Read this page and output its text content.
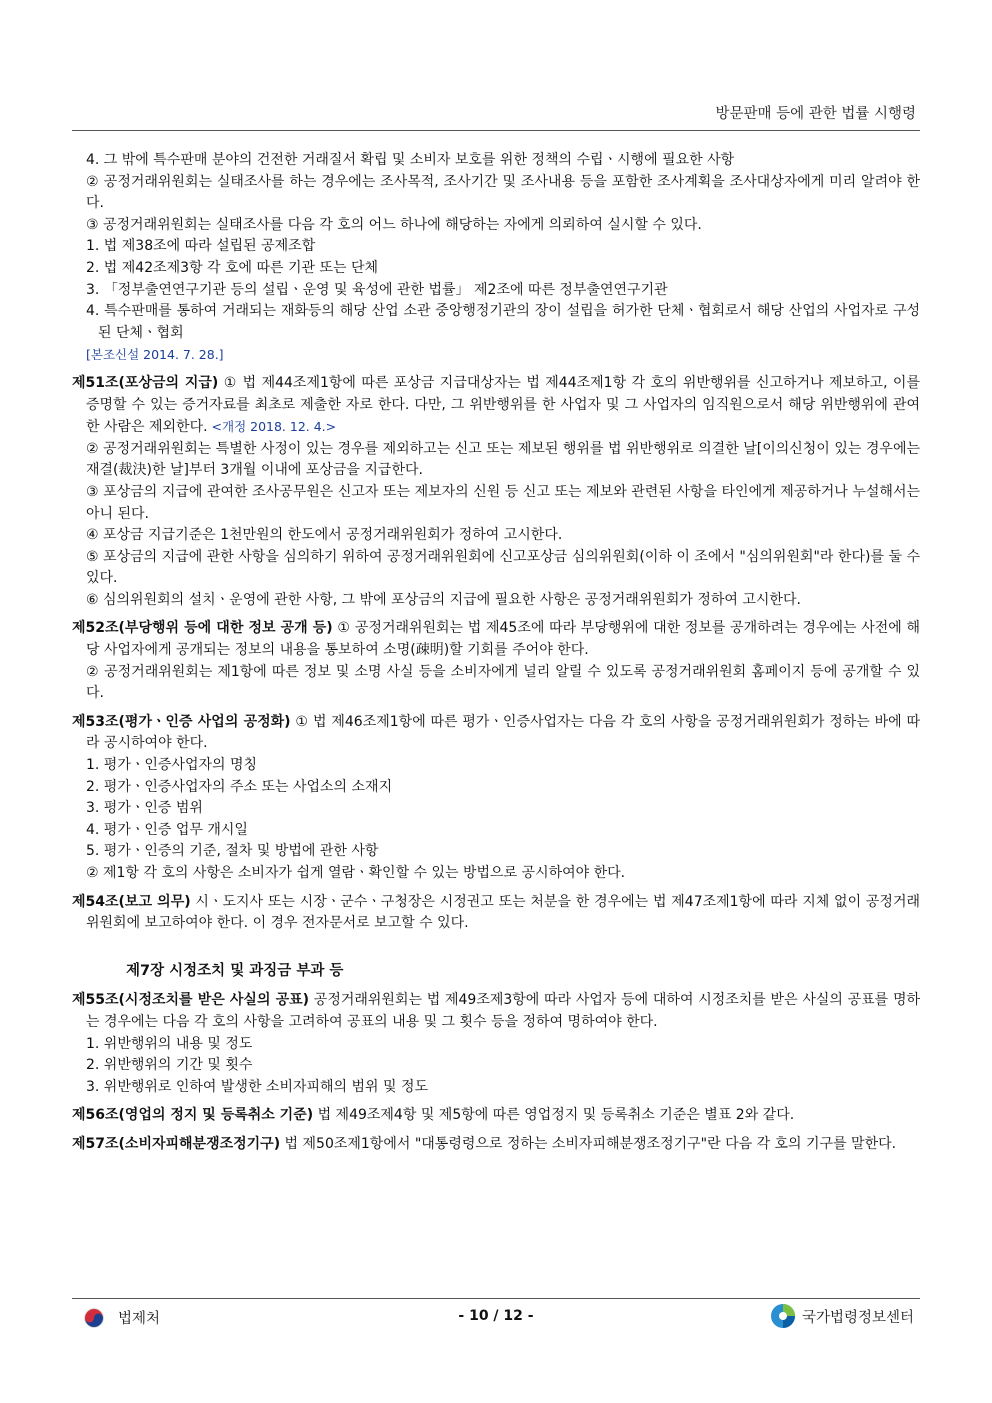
방문판매 등에 관한 법률 시행령

4. 그 밖에 특수판매 분야의 건전한 거래질서 확립 및 소비자 보호를 위한 정책의 수립ㆍ시행에 필요한 사항

② 공정거래위원회는 실태조사를 하는 경우에는 조사목적, 조사기간 및 조사내용 등을 포함한 조사계획을 조사대상자에게 미리 알려야 한다.

③ 공정거래위원회는 실태조사를 다음 각 호의 어느 하나에 해당하는 자에게 의뢰하여 실시할 수 있다.

1. 법 제38조에 따라 설립된 공제조합

2. 법 제42조제3항 각 호에 따른 기관 또는 단체

3. 「정부출연연구기관 등의 설립ㆍ운영 및 육성에 관한 법률」 제2조에 따른 정부출연연구기관

4. 특수판매를 통하여 거래되는 재화등의 해당 산업 소관 중앙행정기관의 장이 설립을 허가한 단체ㆍ협회로서 해당 산업의 사업자로 구성된 단체ㆍ협회

[본조신설 2014. 7. 28.]

제51조(포상금의 지급) ① 법 제44조제1항에 따른 포상금 지급대상자는 법 제44조제1항 각 호의 위반행위를 신고하거나 제보하고, 이를 증명할 수 있는 증거자료를 최초로 제출한 자로 한다. 다만, 그 위반행위를 한 사업자 및 그 사업자의 임직원으로서 해당 위반행위에 관여한 사람은 제외한다. <개정 2018. 12. 4.>

② 공정거래위원회는 특별한 사정이 있는 경우를 제외하고는 신고 또는 제보된 행위를 법 위반행위로 의결한 날[이의신청이 있는 경우에는 재결(裁決)한 날]부터 3개월 이내에 포상금을 지급한다.

③ 포상금의 지급에 관여한 조사공무원은 신고자 또는 제보자의 신원 등 신고 또는 제보와 관련된 사항을 타인에게 제공하거나 누설해서는 아니 된다.

④ 포상금 지급기준은 1천만원의 한도에서 공정거래위원회가 정하여 고시한다.

⑤ 포상금의 지급에 관한 사항을 심의하기 위하여 공정거래위원회에 신고포상금 심의위원회(이하 이 조에서 "심의위원회"라 한다)를 둘 수 있다.

⑥ 심의위원회의 설치ㆍ운영에 관한 사항, 그 밖에 포상금의 지급에 필요한 사항은 공정거래위원회가 정하여 고시한다.

제52조(부당행위 등에 대한 정보 공개 등) ① 공정거래위원회는 법 제45조에 따라 부당행위에 대한 정보를 공개하려는 경우에는 사전에 해당 사업자에게 공개되는 정보의 내용을 통보하여 소명(疎明)할 기회를 주어야 한다.

② 공정거래위원회는 제1항에 따른 정보 및 소명 사실 등을 소비자에게 널리 알릴 수 있도록 공정거래위원회 홈페이지 등에 공개할 수 있다.

제53조(평가ㆍ인증 사업의 공정화) ① 법 제46조제1항에 따른 평가ㆍ인증사업자는 다음 각 호의 사항을 공정거래위원회가 정하는 바에 따라 공시하여야 한다.

1. 평가ㆍ인증사업자의 명칭

2. 평가ㆍ인증사업자의 주소 또는 사업소의 소재지

3. 평가ㆍ인증 범위

4. 평가ㆍ인증 업무 개시일

5. 평가ㆍ인증의 기준, 절차 및 방법에 관한 사항

② 제1항 각 호의 사항은 소비자가 쉽게 열람ㆍ확인할 수 있는 방법으로 공시하여야 한다.

제54조(보고 의무) 시ㆍ도지사 또는 시장ㆍ군수ㆍ구청장은 시정권고 또는 처분을 한 경우에는 법 제47조제1항에 따라 지체 없이 공정거래위원회에 보고하여야 한다. 이 경우 전자문서로 보고할 수 있다.

제7장 시정조치 및 과징금 부과 등

제55조(시정조치를 받은 사실의 공표) 공정거래위원회는 법 제49조제3항에 따라 사업자 등에 대하여 시정조치를 받은 사실의 공표를 명하는 경우에는 다음 각 호의 사항을 고려하여 공표의 내용 및 그 횟수 등을 정하여 명하여야 한다.

1. 위반행위의 내용 및 정도

2. 위반행위의 기간 및 횟수

3. 위반행위로 인하여 발생한 소비자피해의 범위 및 정도

제56조(영업의 정지 및 등록취소 기준) 법 제49조제4항 및 제5항에 따른 영업정지 및 등록취소 기준은 별표 2와 같다.

제57조(소비자피해분쟁조정기구) 법 제50조제1항에서 "대통령령으로 정하는 소비자피해분쟁조정기구"란 다음 각 호의 기구를 말한다.

법제처	- 10 / 12 -	국가법령정보센터
